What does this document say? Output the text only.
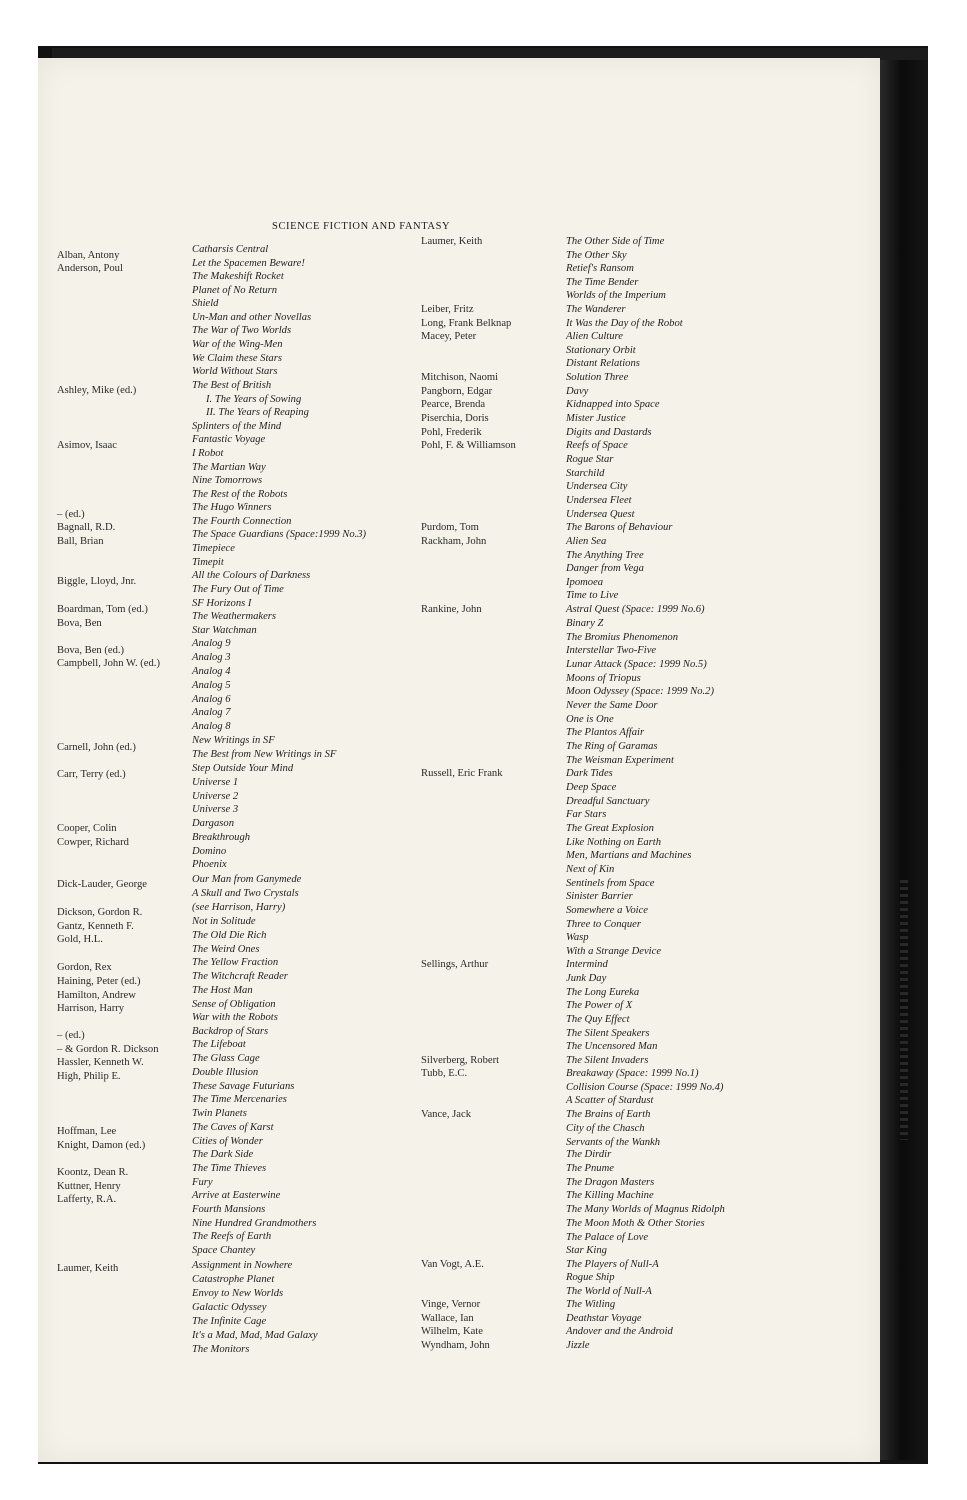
SCIENCE FICTION AND FANTASY
Alban, Antony
Anderson, Poul
Ashley, Mike (ed.)
Asimov, Isaac
– (ed.)
Bagnall, R.D.
Ball, Brian
Biggle, Lloyd, Jnr.
Boardman, Tom (ed.)
Bova, Ben
Bova, Ben (ed.)
Campbell, John W. (ed.)
Carnell, John (ed.)
Carr, Terry (ed.)
Cooper, Colin
Cowper, Richard
Dick-Lauder, George
Dickson, Gordon R.
Gantz, Kenneth F.
Gold, H.L.
Gordon, Rex
Haining, Peter (ed.)
Hamilton, Andrew
Harrison, Harry
– (ed.)
– & Gordon R. Dickson
Hassler, Kenneth W.
High, Philip E.
Hoffman, Lee
Knight, Damon (ed.)
Koontz, Dean R.
Kuttner, Henry
Lafferty, R.A.
Laumer, Keith
Catharsis Central
Let the Spacemen Beware!
The Makeshift Rocket
Planet of No Return
Shield
Un-Man and other Novellas
The War of Two Worlds
War of the Wing-Men
We Claim these Stars
World Without Stars
The Best of British
I. The Years of Sowing
II. The Years of Reaping
Splinters of the Mind
Fantastic Voyage
I Robot
The Martian Way
Nine Tomorrows
The Rest of the Robots
The Hugo Winners
The Fourth Connection
The Space Guardians (Space:1999 No.3)
Timepiece
Timepit
All the Colours of Darkness
The Fury Out of Time
SF Horizons I
The Weathermakers
Star Watchman
Analog 9
Analog 3
Analog 4
Analog 5
Analog 6
Analog 7
Analog 8
New Writings in SF
The Best from New Writings in SF
Step Outside Your Mind
Universe 1
Universe 2
Universe 3
Dargason
Breakthrough
Domino
Phoenix
Our Man from Ganymede
A Skull and Two Crystals
(see Harrison, Harry)
Not in Solitude
The Old Die Rich
The Weird Ones
The Yellow Fraction
The Witchcraft Reader
The Host Man
Sense of Obligation
War with the Robots
Backdrop of Stars
The Lifeboat
The Glass Cage
Double Illusion
These Savage Futurians
The Time Mercenaries
Twin Planets
The Caves of Karst
Cities of Wonder
The Dark Side
The Time Thieves
Fury
Arrive at Easterwine
Fourth Mansions
Nine Hundred Grandmothers
The Reefs of Earth
Space Chantey
Assignment in Nowhere
Catastrophe Planet
Envoy to New Worlds
Galactic Odyssey
The Infinite Cage
It's a Mad, Mad, Mad Galaxy
The Monitors
Laumer, Keith
Leiber, Fritz
Long, Frank Belknap
Macey, Peter
Mitchison, Naomi
Pangborn, Edgar
Pearce, Brenda
Piserchia, Doris
Pohl, Frederik
Pohl, F. & Williamson
Purdom, Tom
Rackham, John
Rankine, John
Russell, Eric Frank
Sellings, Arthur
Silverberg, Robert
Tubb, E.C.
Vance, Jack
Van Vogt, A.E.
Vinge, Vernor
Wallace, Ian
Wilhelm, Kate
Wyndham, John
The Other Side of Time
The Other Sky
Retief's Ransom
The Time Bender
Worlds of the Imperium
The Wanderer
It Was the Day of the Robot
Alien Culture
Stationary Orbit
Distant Relations
Solution Three
Davy
Kidnapped into Space
Mister Justice
Digits and Dastards
Reefs of Space
Rogue Star
Starchild
Undersea City
Undersea Fleet
Undersea Quest
The Barons of Behaviour
Alien Sea
The Anything Tree
Danger from Vega
Ipomoea
Time to Live
Astral Quest (Space: 1999 No.6)
Binary Z
The Bromius Phenomenon
Interstellar Two-Five
Lunar Attack (Space: 1999 No.5)
Moons of Triopus
Moon Odyssey (Space: 1999 No.2)
Never the Same Door
One is One
The Plantos Affair
The Ring of Garamas
The Weisman Experiment
Dark Tides
Deep Space
Dreadful Sanctuary
Far Stars
The Great Explosion
Like Nothing on Earth
Men, Martians and Machines
Next of Kin
Sentinels from Space
Sinister Barrier
Somewhere a Voice
Three to Conquer
Wasp
With a Strange Device
Intermind
Junk Day
The Long Eureka
The Power of X
The Quy Effect
The Silent Speakers
The Uncensored Man
The Silent Invaders
Breakaway (Space: 1999 No.1)
Collision Course (Space: 1999 No.4)
A Scatter of Stardust
The Brains of Earth
City of the Chasch
Servants of the Wankh
The Dirdir
The Pnume
The Dragon Masters
The Killing Machine
The Many Worlds of Magnus Ridolph
The Moon Moth & Other Stories
The Palace of Love
Star King
The Players of Null-A
Rogue Ship
The World of Null-A
The Witling
Deathstar Voyage
Andover and the Android
Jizzle
